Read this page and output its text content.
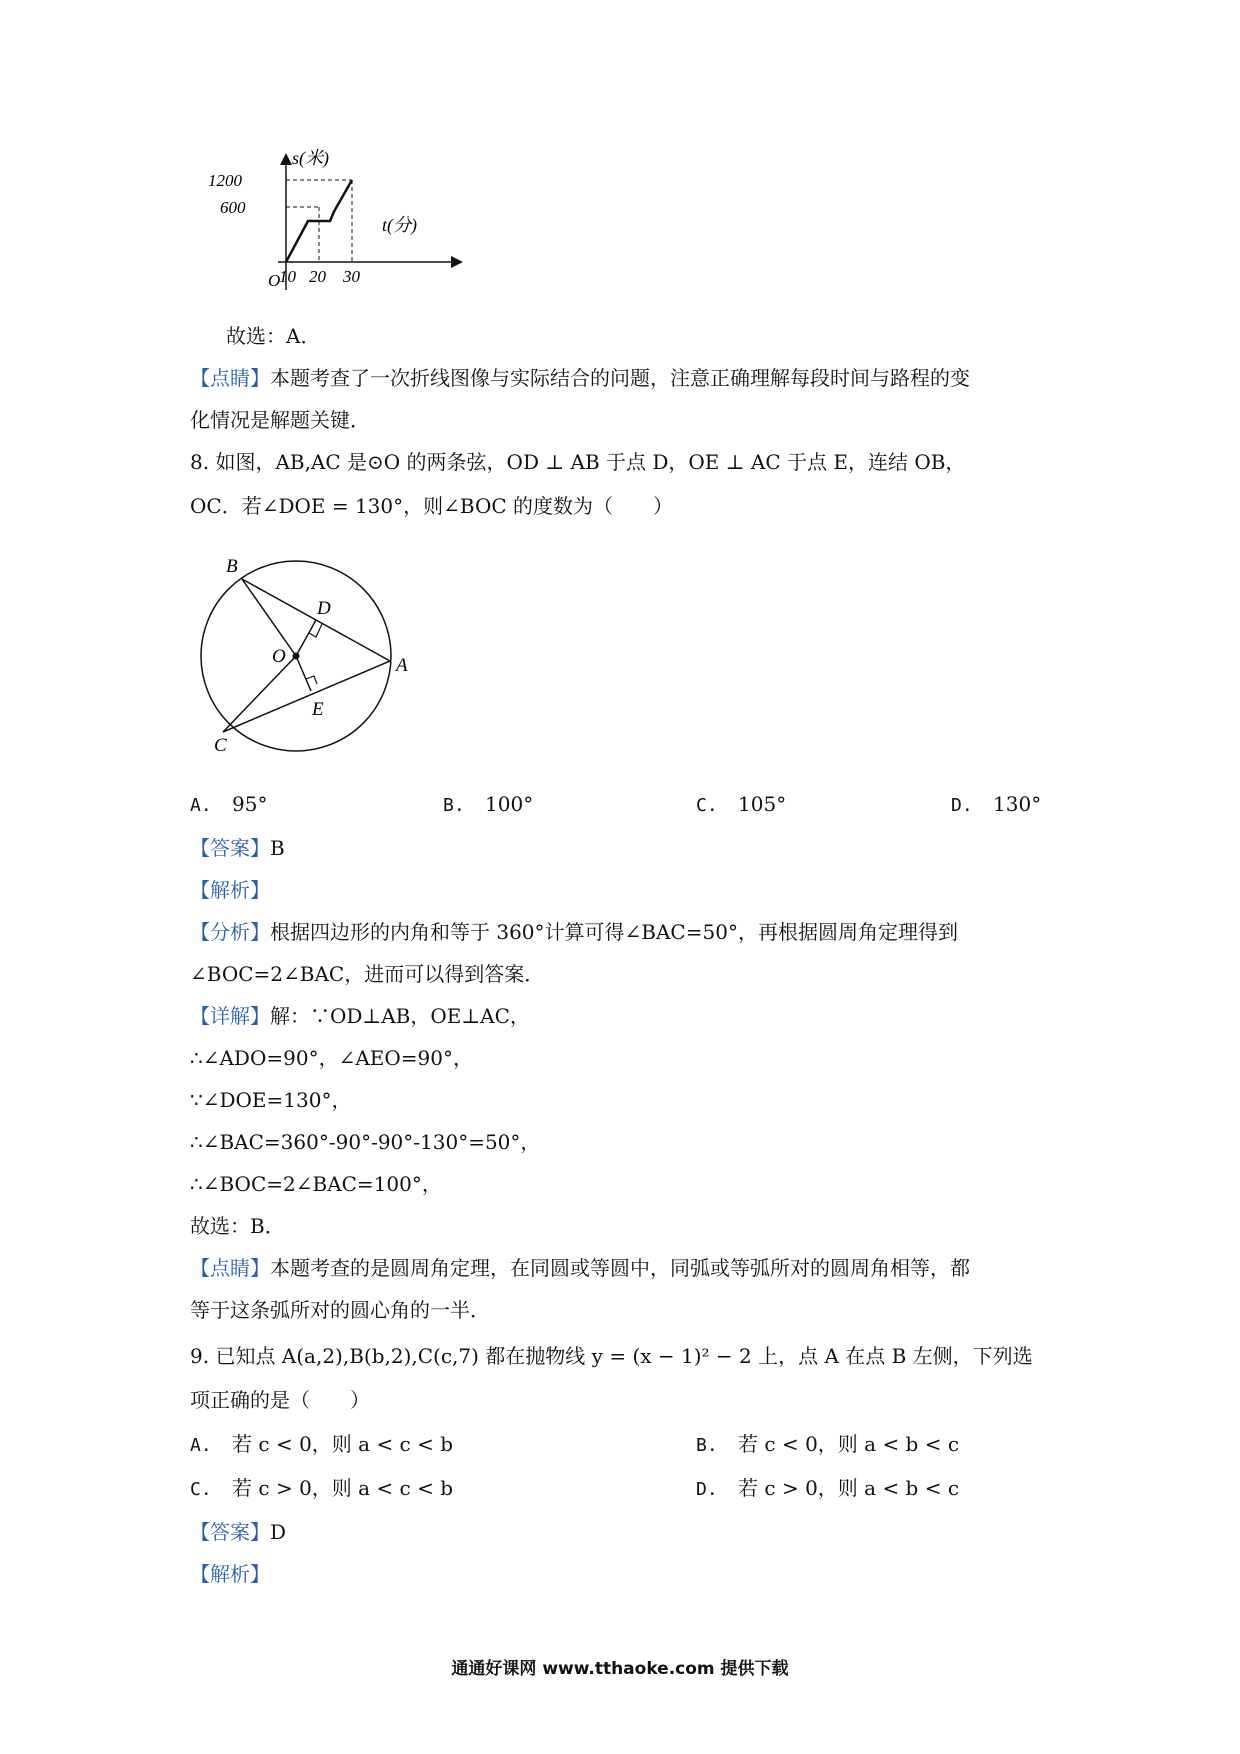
s(米)
t(分)
O
1200
600
10 20 30
故选：A．
【点睛】本题考查了一次折线图像与实际结合的问题，注意正确理解每段时间与路程的变
化情况是解题关键．
8. 如图，AB,AC 是⊙O 的两条弦，OD ⊥ AB 于点 D，OE ⊥ AC 于点 E，连结 OB，
OC．若∠DOE = 130°，则∠BOC 的度数为（　　）
B
D
O	A
E
C
A. 95°	B. 100°	C. 105°	D. 130°
【答案】B
【解析】
【分析】根据四边形的内角和等于 360°计算可得∠BAC=50°，再根据圆周角定理得到
∠BOC=2∠BAC，进而可以得到答案．
【详解】解：∵OD⊥AB，OE⊥AC，
∴∠ADO=90°，∠AEO=90°，
∵∠DOE=130°，
∴∠BAC=360°-90°-90°-130°=50°，
∴∠BOC=2∠BAC=100°，
故选：B．
【点睛】本题考查的是圆周角定理，在同圆或等圆中，同弧或等弧所对的圆周角相等，都
等于这条弧所对的圆心角的一半．
9. 已知点 A(a,2),B(b,2),C(c,7) 都在抛物线 y = (x − 1)² − 2 上，点 A 在点 B 左侧，下列选
项正确的是（　　）
A. 若 c < 0，则 a < c < b	B. 若 c < 0，则 a < b < c
C. 若 c > 0，则 a < c < b	D. 若 c > 0，则 a < b < c
【答案】D
【解析】
通通好课网 www.tthaoke.com 提供下载
